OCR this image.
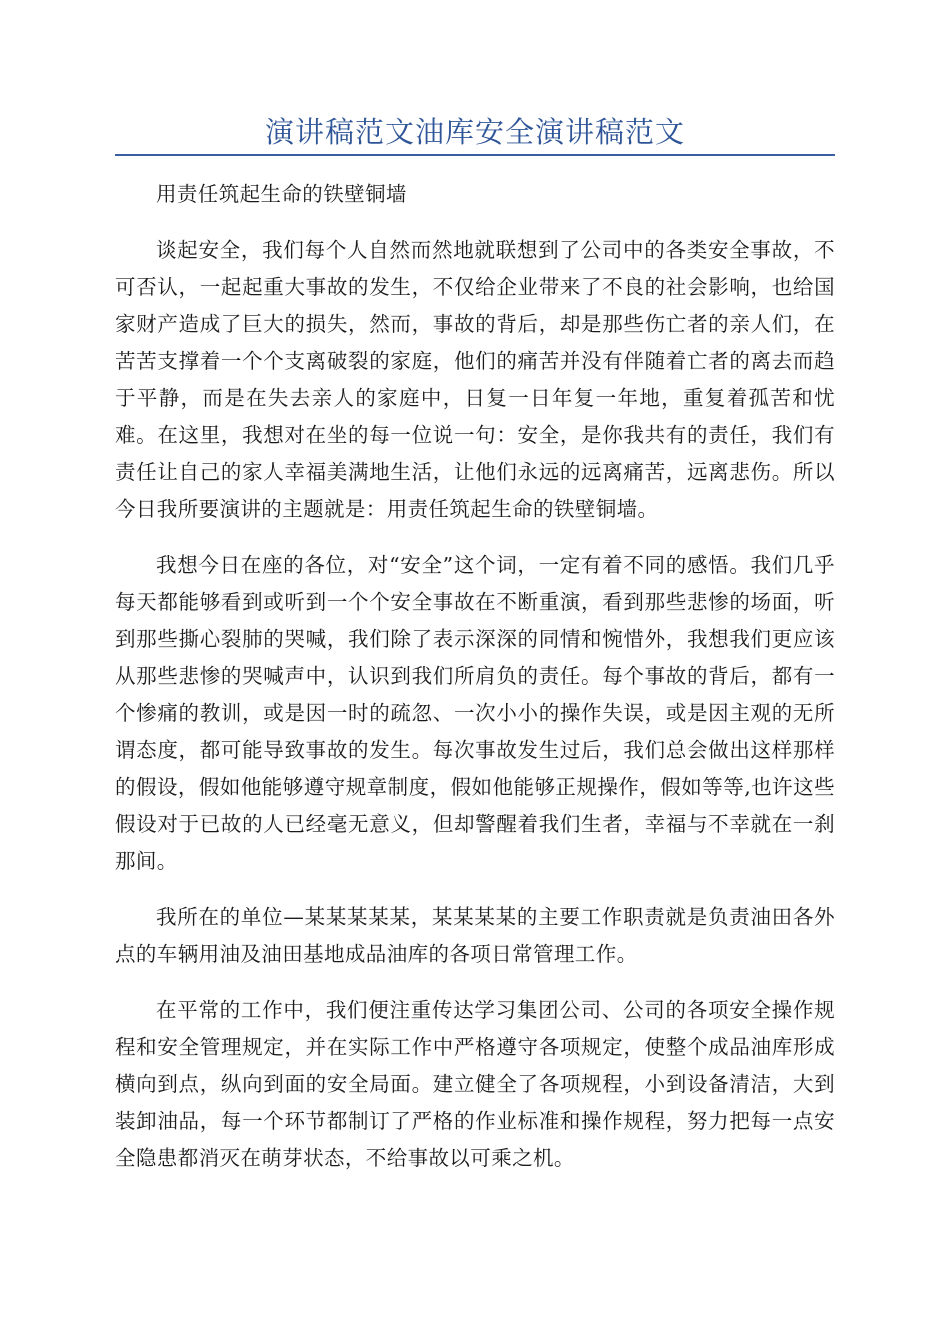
演讲稿范文油库安全演讲稿范文

用责任筑起生命的铁壁铜墙

谈起安全，我们每个人自然而然地就联想到了公司中的各类安全事故，不可否认，一起起重大事故的发生，不仅给企业带来了不良的社会影响，也给国家财产造成了巨大的损失，然而，事故的背后，却是那些伤亡者的亲人们，在苦苦支撑着一个个支离破裂的家庭，他们的痛苦并没有伴随着亡者的离去而趋于平静，而是在失去亲人的家庭中，日复一日年复一年地，重复着孤苦和忧难。在这里，我想对在坐的每一位说一句：安全，是你我共有的责任，我们有责任让自己的家人幸福美满地生活，让他们永远的远离痛苦，远离悲伤。所以今日我所要演讲的主题就是：用责任筑起生命的铁壁铜墙。

我想今日在座的各位，对“安全”这个词，一定有着不同的感悟。我们几乎每天都能够看到或听到一个个安全事故在不断重演，看到那些悲惨的场面，听到那些撕心裂肺的哭喊，我们除了表示深深的同情和惋惜外，我想我们更应该从那些悲惨的哭喊声中，认识到我们所肩负的责任。每个事故的背后，都有一个惨痛的教训，或是因一时的疏忽、一次小小的操作失误，或是因主观的无所谓态度，都可能导致事故的发生。每次事故发生过后，我们总会做出这样那样的假设，假如他能够遵守规章制度，假如他能够正规操作，假如等等,也许这些假设对于已故的人已经毫无意义，但却警醒着我们生者，幸福与不幸就在一刹那间。

我所在的单位—某某某某某，某某某某的主要工作职责就是负责油田各外点的车辆用油及油田基地成品油库的各项日常管理工作。

在平常的工作中，我们便注重传达学习集团公司、公司的各项安全操作规程和安全管理规定，并在实际工作中严格遵守各项规定，使整个成品油库形成横向到点，纵向到面的安全局面。建立健全了各项规程，小到设备清洁，大到装卸油品，每一个环节都制订了严格的作业标准和操作规程，努力把每一点安全隐患都消灭在萌芽状态，不给事故以可乘之机。
